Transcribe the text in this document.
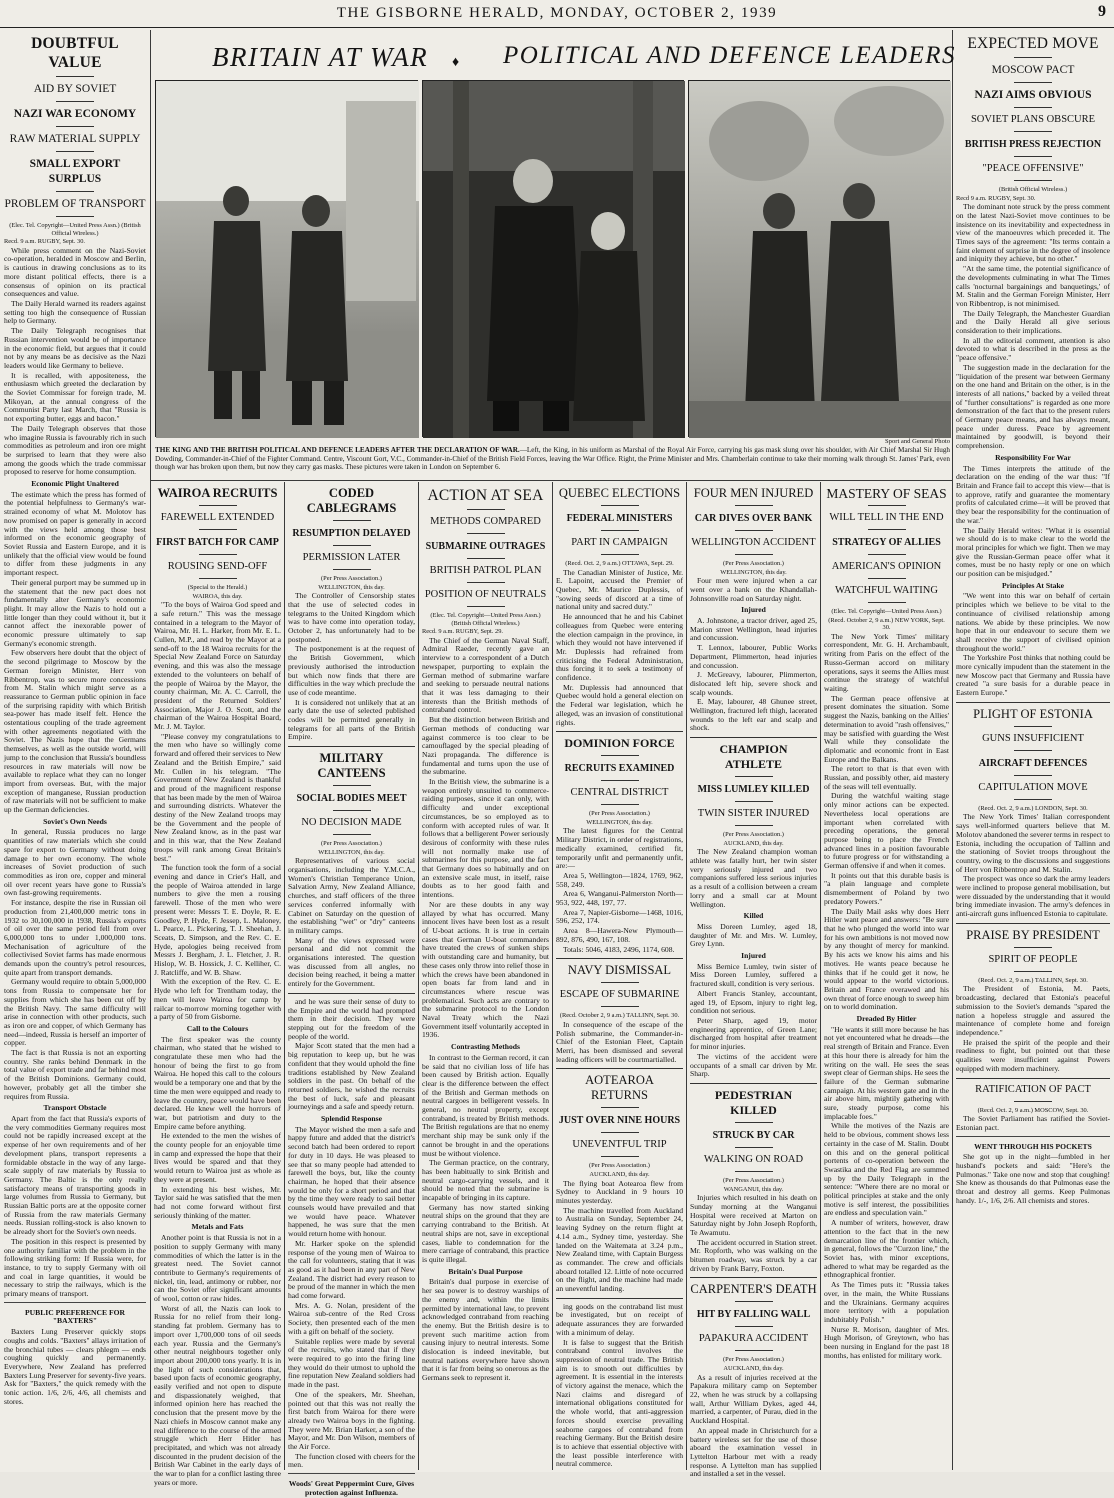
THE GISBORNE HERALD, MONDAY, OCTOBER 2, 1939	9
DOUBTFUL VALUE
AID BY SOVIET
NAZI WAR ECONOMY
RAW MATERIAL SUPPLY
SMALL EXPORT SURPLUS
PROBLEM OF TRANSPORT

(Elec. Tel. Copyright—United Press Assn.) (British Official Wireless.)

Recd. 9 a.m. RUGBY, Sept. 30.

While press comment on the Nazi-Soviet co-operation, heralded in Moscow and Berlin, is cautious in drawing conclusions as to its more distant political effects, there is a consensus of opinion on its practical consequences and value.

The Daily Herald warned its readers against setting too high the consequence of Russian help to Germany.

The Daily Telegraph recognises that Russian intervention would be of importance in the economic field, but argues that it could not by any means be as decisive as the Nazi leaders would like Germany to believe.

It is recalled, with appositeness, the enthusiasm which greeted the declaration by the Soviet Commissar for foreign trade, M. Mikoyan, at the annual congress of the Communist Party last March, that "Russia is not exporting butter, eggs and bacon."

The Daily Telegraph observes that those who imagine Russia is favourably rich in such commodities as petroleum and iron ore might be surprised to learn that they were also among the goods which the trade commissar proposed to reserve for home consumption.

Economic Plight Unaltered

The estimate which the press has formed of the potential helpfulness to Germany's war-strained economy of what M. Molotov has now promised on paper is generally in accord with the views held among those best informed on the economic geography of Soviet Russia and Eastern Europe, and it is unlikely that the official view would be found to differ from these judgments in any important respect.

Their general purport may be summed up in the statement that the new pact does not fundamentally alter Germany's economic plight. It may allow the Nazis to hold out a little longer than they could without it, but it cannot affect the inexorable power of economic pressure ultimately to sap Germany's economic strength.

Few observers here doubt that the object of the second pilgrimage to Moscow by the German foreign Minister, Herr von Ribbentrop, was to secure more concessions from M. Stalin which might serve as a reassurance to German public opinion in face of the surprising rapidity with which British sea-power has made itself felt. Hence the ostentatious coupling of the trade agreement with other agreements negotiated with the Soviet. The Nazis hope that the Germans themselves, as well as the outside world, will jump to the conclusion that Russia's boundless resources in raw materials will now be available to replace what they can no longer import from overseas. But, with the major exception of manganese, Russian production of raw materials will not be sufficient to make up the German deficiencies.

Soviet's Own Needs

In general, Russia produces no large quantities of raw materials which she could spare for export to Germany without doing damage to her own economy. The whole increases of Soviet production of such commodities as iron ore, copper and mineral oil over recent years have gone to Russia's own fast-growing requirements.

For instance, despite the rise in Russian oil production from 21,400,000 metric tons in 1932 to 30,100,000 in 1938, Russia's exports of oil over the same period fell from over 6,000,000 tons to under 1,000,000 tons. Mechanisation of agriculture of the collectivised Soviet farms has made enormous demands upon the country's petrol resources, quite apart from transport demands.

Germany would require to obtain 5,000,000 tons from Russia to compensate her for supplies from which she has been cut off by the British Navy. The same difficulty will arise in connection with other products, such as iron ore and copper, of which Germany has need—indeed, Russia is herself an importer of copper.

The fact is that Russia is not an exporting country. She ranks behind Denmark in the total value of export trade and far behind most of the British Dominions. Germany could, however, probably get all the timber she requires from Russia.

Transport Obstacle

Apart from the fact that Russia's exports of the very commodities Germany requires most could not be rapidly increased except at the expense of her own requirements and of her development plans, transport represents a formidable obstacle in the way of any large-scale supply of raw materials by Russia to Germany. The Baltic is the only really satisfactory means of transporting goods in large volumes from Russia to Germany, but Russian Baltic ports are at the opposite corner of Russia from the raw materials Germany needs. Russian rolling-stock is also known to be already short for the Soviet's own needs.

The position in this respect is presented by one authority familiar with the problem in the following striking form: If Russia were, for instance, to try to supply Germany with oil and coal in large quantities, it would be necessary to strip the railways, which is the primary means of transport.

PUBLIC PREFERENCE FOR "BAXTERS"

Baxters Lung Preserver quickly stops coughs and colds. "Baxters" allays irritation of the bronchial tubes — clears phlegm — ends coughing quickly and permanently. Everywhere, New Zealand has preferred Baxters Lung Preserver for seventy-five years. Ask for "Baxters," the quick remedy with the tonic action. 1/6, 2/6, 4/6, all chemists and stores.

BRITAIN AT WAR ♦ POLITICAL AND DEFENCE LEADERS
Sport and General Photo
THE KING AND THE BRITISH POLITICAL AND DEFENCE LEADERS AFTER THE DECLARATION OF WAR.—Left, the King, in his uniform as Marshal of the Royal Air Force, carrying his gas mask slung over his shoulder, with Air Chief Marshal Sir Hugh Dowding, Commander-in-Chief of the Fighter Command. Centre, Viscount Gort, V.C., Commander-in-Chief of the British Field Forces, leaving the War Office. Right, the Prime Minister and Mrs. Chamberlain continue to take their morning walk through St. James' Park, even though war has broken upon them, but now they carry gas masks. These pictures were taken in London on September 6.
WAIROA RECRUITS
FAREWELL EXTENDED
FIRST BATCH FOR CAMP
ROUSING SEND-OFF

(Special to the Herald.)

WAIROA, this day.

"To the boys of Wairoa God speed and a safe return." This was the message contained in a telegram to the Mayor of Wairoa, Mr. H. L. Harker, from Mr. E. L. Cullen, M.P., and read by the Mayor at a send-off to the 18 Wairoa recruits for the Special New Zealand Force on Saturday evening, and this was also the message extended to the volunteers on behalf of the people of Wairoa by the Mayor, the county chairman, Mr. A. C. Carroll, the president of the Returned Soldiers' Association, Major J. O. Scott, and the chairman of the Wairoa Hospital Board, Mr. J. M. Taylor.

"Please convey my congratulations to the men who have so willingly come forward and offered their services to New Zealand and the British Empire," said Mr. Cullen in his telegram. "The Government of New Zealand is thankful and proud of the magnificent response that has been made by the men of Wairoa and surrounding districts. Whatever the destiny of the New Zealand troops may be the Government and the people of New Zealand know, as in the past war and in this war, that the New Zealand troops will rank among Great Britain's best."

The function took the form of a social evening and dance in Crier's Hall, and the people of Wairoa attended in large numbers to give the men a rousing farewell. Those of the men who were present were: Messrs T. E. Doyle, R. E. Goodley, P. Hyde, F. Jessep, L. Maloney, L. Pearce, L. Pickering, T. J. Sheehan, J. Sceats, D. Simpson, and the Rev. C. E. Hyde, apologies being received from Messrs J. Bergham, J. L. Fletcher, J. R. Hislop, W. B. Hossick, J. C. Kelliher, C. J. Ratcliffe, and W. B. Shaw.

With the exception of the Rev. C. E. Hyde who left for Trentham today, the men will leave Wairoa for camp by railcar to-morrow morning together with a party of 50 from Gisborne.

Call to the Colours

The first speaker was the county chairman, who stated that he wished to congratulate these men who had the honour of being the first to go from Wairoa. He hoped this call to the colours would be a temporary one and that by the time the men were equipped and ready to leave the country, peace would have been declared. He knew well the horrors of war, but patriotism and duty to the Empire came before anything.

He extended to the men the wishes of the county people for an enjoyable time in camp and expressed the hope that their lives would be spared and that they would return to Wairoa just as whole as they were at present.

In extending his best wishes, Mr. Taylor said he was satisfied that the men had not come forward without first seriously thinking of the matter.

Metals and Fats

Another point is that Russia is not in a position to supply Germany with many commodities of which the latter is in the greatest need. The Soviet cannot contribute to Germany's requirements of nickel, tin, lead, antimony or rubber, nor can the Soviet offer significant amounts of wool, cotton or raw hides.

Worst of all, the Nazis can look to Russia for no relief from their long-standing fat problem. Germany has to import over 1,700,000 tons of oil seeds each year. Russia and the Germany's other neutral neighbours together only import about 200,000 tons yearly. It is in the light of such considerations that, based upon facts of economic geography, easily verified and not open to dispute and dispassionately weighed, that informed opinion here has reached the conclusion that the present move by the Nazi chiefs in Moscow cannot make any real difference to the course of the armed struggle which Herr Hitler has precipitated, and which was not already discounted in the prudent decision of the British War Cabinet in the early days of the war to plan for a conflict lasting three years or more.

CODED CABLEGRAMS
RESUMPTION DELAYED
PERMISSION LATER

(Per Press Association.)

WELLINGTON, this day.

The Controller of Censorship states that the use of selected codes in telegrams to the United Kingdom which was to have come into operation today, October 2, has unfortunately had to be postponed.

The postponement is at the request of the British Government, which previously authorised the introduction but which now finds that there are difficulties in the way which preclude the use of code meantime.

It is considered not unlikely that at an early date the use of selected published codes will be permitted generally in telegrams for all parts of the British Empire.

MILITARY CANTEENS
SOCIAL BODIES MEET
NO DECISION MADE

(Per Press Association.)

WELLINGTON, this day.

Representatives of various social organisations, including the Y.M.C.A., Women's Christian Temperance Union, Salvation Army, New Zealand Alliance, churches, and staff officers of the three services conferred informally with Cabinet on Saturday on the question of the establishing "wet" or "dry" canteens in military camps.

Many of the views expressed were personal and did not commit the organisations interested. The question was discussed from all angles, no decision being reached, it being a matter entirely for the Government.

and he was sure their sense of duty to the Empire and the world had prompted them in their decision. They were stepping out for the freedom of the people of the world.

Major Scott stated that the men had a big reputation to keep up, but he was confident that they would uphold the fine traditions established by New Zealand soldiers in the past. On behalf of the returned soldiers, he wished the recruits the best of luck, safe and pleasant journeyings and a safe and speedy return.

Splendid Response

The Mayor wished the men a safe and happy future and added that the district's second batch had been ordered to report for duty in 10 days. He was pleased to see that so many people had attended to farewell the boys, but, like the county chairman, he hoped that their absence would be only for a short period and that by the time they were ready to sail better counsels would have prevailed and that we would have peace. Whatever happened, he was sure that the men would return home with honour.

Mr. Harker spoke on the splendid response of the young men of Wairoa to the call for volunteers, stating that it was as good as it had been in any part of New Zealand. The district had every reason to be proud of the manner in which the men had come forward.

Mrs. A. G. Nolan, president of the Wairoa sub-centre of the Red Cross Society, then presented each of the men with a gift on behalf of the society.

Suitable replies were made by several of the recruits, who stated that if they were required to go into the firing line they would do their utmost to uphold the fine reputation New Zealand soldiers had made in the past.

One of the speakers, Mr. Sheehan, pointed out that this was not really the first batch from Wairoa for there were already two Wairoa boys in the fighting. They were Mr. Brian Harker, a son of the Mayor, and Mr. Don Wilson, members of the Air Force.

The function closed with cheers for the men.

Woods' Great Peppermint Cure, Gives protection against Influenza.

ACTION AT SEA
METHODS COMPARED
SUBMARINE OUTRAGES
BRITISH PATROL PLAN
POSITION OF NEUTRALS

(Elec. Tel. Copyright—United Press Assn.) (British Official Wireless.)

Recd. 9 a.m. RUGBY, Sept. 29.

The Chief of the German Naval Staff, Admiral Raeder, recently gave an interview to a correspondent of a Dutch newspaper, purporting to explain the German method of submarine warfare and seeking to persuade neutral nations that it was less damaging to their interests than the British methods of contraband control.

But the distinction between British and German methods of conducting war against commerce is too clear to be camouflaged by the special pleading of Nazi propaganda. The difference is fundamental and turns upon the use of the submarine.

In the British view, the submarine is a weapon entirely unsuited to commerce-raiding purposes, since it can only, with difficulty and under exceptional circumstances, be so employed as to conform with accepted rules of war. It follows that a belligerent Power seriously desirous of conformity with these rules will not normally make use of submarines for this purpose, and the fact that Germany does so habitually and on an extensive scale must, in itself, raise doubts as to her good faith and intentions.

Nor are these doubts in any way allayed by what has occurred. Many innocent lives have been lost as a result of U-boat actions. It is true in certain cases that German U-boat commanders have treated the crews of sunken ships with outstanding care and humanity, but these cases only throw into relief those in which the crews have been abandoned in open boats far from land and in circumstances where rescue was problematical. Such acts are contrary to the submarine protocol to the London Naval Treaty which the Nazi Government itself voluntarily accepted in 1936.

Contrasting Methods

In contrast to the German record, it can be said that no civilian loss of life has been caused by British action. Equally clear is the difference between the effect of the British and German methods on neutral cargoes in belligerent vessels. In general, no neutral property, except contraband, is treated by British methods. The British regulations are that no enemy merchant ship may be sunk only if the cannot be brought in and the operations must be without violence.

The German practice, on the contrary, has been habitually to sink British and neutral cargo-carrying vessels, and it should be noted that the submarine is incapable of bringing in its capture.

Germany has now started sinking neutral ships on the ground that they are carrying contraband to the British. At neutral ships are not, save in exceptional cases, liable to condemnation for the mere carriage of contraband, this practice is quite illegal.

Britain's Dual Purpose

Britain's dual purpose in exercise of her sea power is to destroy warships of the enemy and, within the limits permitted by international law, to prevent acknowledged contraband from reaching the enemy. But the British desire is to prevent such maritime action from causing injury to neutral interests. Some dislocation is indeed inevitable, but neutral nations everywhere have shown that it is far from being so onerous as the Germans seek to represent it.

QUEBEC ELECTIONS
FEDERAL MINISTERS
PART IN CAMPAIGN

(Recd. Oct. 2, 9 a.m.) OTTAWA, Sept. 29.

The Canadian Minister of Justice, Mr. E. Lapoint, accused the Premier of Quebec, Mr. Maurice Duplessis, of "sowing seeds of discord at a time of national unity and sacred duty."

He announced that he and his Cabinet colleagues from Quebec were entering the election campaign in the province, in which they would not have intervened if Mr. Duplessis had refrained from criticising the Federal Administration, thus forcing it to seek a testimony of confidence.

Mr. Duplessis had announced that Quebec would hold a general election on the Federal war legislation, which he alleged, was an invasion of constitutional rights.

DOMINION FORCE
RECRUITS EXAMINED
CENTRAL DISTRICT

(Per Press Association.)

WELLINGTON, this day.

The latest figures for the Central Military District, in order of registrations, medically examined, certified fit, temporarily unfit and permanently unfit, are:—

Area 5, Wellington—1824, 1769, 962, 558, 249.

Area 6, Wanganui-Palmerston North—953, 922, 448, 197, 77.

Area 7, Napier-Gisborne—1468, 1016, 596, 252, 174.

Area 8—Hawera-New Plymouth—892, 876, 490, 167, 108.

Totals: 5046, 4183, 2496, 1174, 608.

NAVY DISMISSAL
ESCAPE OF SUBMARINE

(Recd. October 2, 9 a.m.) TALLINN, Sept. 30.

In consequence of the escape of the Polish submarine, the Commander-in-Chief of the Estonian Fleet, Captain Merri, has been dismissed and several leading officers will be courtmartialled.

AOTEAROA RETURNS
JUST OVER NINE HOURS
UNEVENTFUL TRIP

(Per Press Association.)

AUCKLAND, this day.

The flying boat Aotearoa flew from Sydney to Auckland in 9 hours 10 minutes yesterday.

The machine travelled from Auckland to Australia on Sunday, September 24, leaving Sydney on the return flight at 4.14 a.m., Sydney time, yesterday. She landed on the Waitemata at 3.24 p.m., New Zealand time, with Captain Burgess as commander. The crew and officials aboard totalled 12. Little of note occurred on the flight, and the machine had made an uneventful landing.

ing goods on the contraband list must be investigated, but on receipt of adequate assurances they are forwarded with a minimum of delay.

It is false to suggest that the British contraband control involves the suppression of neutral trade. The British aim is to smooth out difficulties by agreement. It is essential in the interests of victory against the menace, which the Nazi claims and disregard of international obligations constituted for the whole world, that anti-aggression forces should exercise prevailing seaborne cargoes of contraband from reaching Germany. But the British desire is to achieve that essential objective with the least possible interference with neutral commerce.

FOUR MEN INJURED
CAR DIVES OVER BANK
WELLINGTON ACCIDENT

(Per Press Association.)

WELLINGTON, this day.

Four men were injured when a car went over a bank on the Khandallah-Johnsonville road on Saturday night.

Injured

A. Johnstone, a tractor driver, aged 25, Marion street Wellington, head injuries and concussion.

T. Lennox, labourer, Public Works Department, Plimmerton, head injuries and concussion.

J. McGreavy, labourer, Plimmerton, dislocated left hip, severe shock and scalp wounds.

E. May, labourer, 48 Ghunee street, Wellington, fractured left thigh, lacerated wounds to the left ear and scalp and shock.

CHAMPION ATHLETE
MISS LUMLEY KILLED
TWIN SISTER INJURED

(Per Press Association.)

AUCKLAND, this day.

The New Zealand champion woman athlete was fatally hurt, her twin sister very seriously injured and two companions suffered less serious injuries as a result of a collision between a cream lorry and a small car at Mount Wellington.

Killed

Miss Doreen Lumley, aged 18, daughter of Mr. and Mrs. W. Lumley, Grey Lynn.

Injured

Miss Bernice Lumley, twin sister of Miss Doreen Lumley, suffered a fractured skull, condition is very serious.

Albert Francis Stanley, accountant, aged 19, of Epsom, injury to right leg, condition not serious.

Peter Sharp, aged 19, motor engineering apprentice, of Green Lane; discharged from hospital after treatment for minor injuries.

The victims of the accident were occupants of a small car driven by Mr. Sharp.

PEDESTRIAN KILLED
STRUCK BY CAR
WALKING ON ROAD

(Per Press Association.)

WANGANUI, this day.

Injuries which resulted in his death on Sunday morning at the Wanganui Hospital were received at Marton on Saturday night by John Joseph Ropforth, Te Awamutu.

The accident occurred in Station street. Mr. Ropforth, who was walking on the bitumen roadway, was struck by a car driven by Frank Barry, Foxton.

CARPENTER'S DEATH
HIT BY FALLING WALL
PAPAKURA ACCIDENT

(Per Press Association.)

AUCKLAND, this day.

As a result of injuries received at the Papakura military camp on September 22, when he was struck by a collapsing wall, Arthur William Dykes, aged 44, married, a carpenter, of Purau, died in the Auckland Hospital.

An appeal made in Christchurch for a battery wireless set for the use of those aboard the examination vessel in Lyttelton Harbour met with a ready response. A Lyttelton man has supplied and installed a set in the vessel.

MASTERY OF SEAS
WILL TELL IN THE END
STRATEGY OF ALLIES
AMERICAN'S OPINION
WATCHFUL WAITING

(Elec. Tel. Copyright—United Press Assn.)

(Recd. October 2, 9 a.m.) NEW YORK, Sept. 30.

The New York Times' military correspondent, Mr. G. H. Archambault, writing from Paris on the effect of the Russo-German accord on military operations, says it seems the Allies must continue the strategy of watchful waiting.

The German peace offensive at present dominates the situation. Some suggest the Nazis, banking on the Allies' determination to avoid "rash offensives," may be satisfied with guarding the West Wall while they consolidate the diplomatic and economic front in East Europe and the Balkans.

The retort to that is that even with Russian, and possibly other, aid mastery of the seas will tell eventually.

During the watchful waiting stage only minor actions can be expected. Nevertheless local operations are important when correlated with preceding operations, the general purpose being to place the French advanced lines in a position favourable to future progress or for withstanding a German offensive if and when it comes.

It points out that this durable basis is "a plain language and complete dismemberment of Poland by two predatory Powers."

The Daily Mail asks why does Herr Hitler want peace and answers: "Be sure that he who plunged the world into war for his own ambitions is not moved now by any thought of mercy for mankind. By his acts we know his aims and his motives. He wants peace because he thinks that if he could get it now, he would appear to the world victorious. Britain and France overawed and his own threat of force enough to sweep him on to world domination.

Dreaded By Hitler

"He wants it still more because he has not yet encountered what he dreads—the real strength of Britain and France. Even at this hour there is already for him the writing on the wall. He sees the seas swept clear of German ships. He sees the failure of the German submarine campaign. At his western gate and in the air above him, mightily gathering with sure, steady purpose, come his implacable foes."

While the motives of the Nazis are held to be obvious, comment shows less certainty in the case of M. Stalin. Doubt on this and on the general political portents of co-operation between the Swastika and the Red Flag are summed up by the Daily Telegraph in the sentence: "Where there are no moral or political principles at stake and the only motive is self interest, the possibilities are endless and speculation vain."

A number of writers, however, draw attention to the fact that in the new demarcation line of the frontier which, in general, follows the "Curzon line," the Soviet has, with minor exceptions, adhered to what may be regarded as the ethnographical frontier.

As The Times puts it: "Russia takes over, in the main, the White Russians and the Ukrainians. Germany acquires more territory with a population indubitably Polish."

Nurse R. Morison, daughter of Mrs. Hugh Morison, of Greytown, who has been nursing in England for the past 18 months, has enlisted for military work.

EXPECTED MOVE
MOSCOW PACT
NAZI AIMS OBVIOUS
SOVIET PLANS OBSCURE
BRITISH PRESS REJECTION
"PEACE OFFENSIVE"

(British Official Wireless.)

Recd 9 a.m. RUGBY, Sept. 30.

The dominant note struck by the press comment on the latest Nazi-Soviet move continues to be insistence on its inevitability and expectedness in view of the manoeuvres which preceded it. The Times says of the agreement: "Its terms contain a faint element of surprise in the degree of insolence and iniquity they achieve, but no other."

"At the same time, the potential significance of the developments culminating in what The Times calls 'nocturnal bargainings and banquetings,' of M. Stalin and the German Foreign Minister, Herr von Ribbentrop, is not minimised.

The Daily Telegraph, the Manchester Guardian and the Daily Herald all give serious consideration to their implications.

In all the editorial comment, attention is also devoted to what is described in the press as the "peace offensive."

The suggestion made in the declaration for the "liquidation of the present war between Germany on the one hand and Britain on the other, is in the interests of all nations," backed by a veiled threat of "further consultations" is regarded as one more demonstration of the fact that to the present rulers of Germany peace means, and has always meant, peace under duress. Peace by agreement maintained by goodwill, is beyond their comprehension.

Responsibility For War

The Times interprets the attitude of the declaration on the ending of the war thus: "If Britain and France fail to accept this view—that is to approve, ratify and guarantee the momentary profits of calculated crime—it will be proved that they bear the responsibility for the continuation of the war."

The Daily Herald writes: "What it is essential we should do is to make clear to the world the moral principles for which we fight. Then we may give the Russian-German peace offer what it comes, must be no hasty reply or one on which our position can be misjudged."

Principles At Stake

"We went into this war on behalf of certain principles which we believe to be vital to the continuance of civilised relationship among nations. We abide by these principles. We now hope that in our endeavour to secure them we shall receive the support of civilised opinion throughout the world."

The Yorkshire Post thinks that nothing could be more cynically impudent than the statement in the new Moscow pact that Germany and Russia have created "a sure basis for a durable peace in Eastern Europe."

PLIGHT OF ESTONIA
GUNS INSUFFICIENT
AIRCRAFT DEFENCES
CAPITULATION MOVE

(Recd. Oct. 2, 9 a.m.) LONDON, Sept. 30.

The New York Times' Italian correspondent says well-informed quarters believe that M. Molotov abandoned the severer terms in respect to Estonia, including the occupation of Tallinn and the stationing of Soviet troops throughout the country, owing to the discussions and suggestions of Herr von Ribbentrop and M. Stalin.

The prospect was once so dark the army leaders were inclined to propose general mobilisation, but were dissuaded by the understanding that it would bring immediate invasion. The army's defences in anti-aircraft guns influenced Estonia to capitulate.

PRAISE BY PRESIDENT
SPIRIT OF PEOPLE

(Recd. Oct. 2, 9 a.m.) TALLINN, Sept. 30.

The President of Estonia, M. Paets, broadcasting, declared that Estonia's peaceful submission to the Soviet's demands "spared the nation a hopeless struggle and assured the maintenance of complete home and foreign independence."

He praised the spirit of the people and their readiness to fight, but pointed out that these qualities were insufficient against Powers equipped with modern machinery.

RATIFICATION OF PACT

(Recd. Oct. 2, 9 a.m.) MOSCOW, Sept. 30.

The Soviet Parliament has ratified the Soviet-Estonian pact.

WENT THROUGH HIS POCKETS

She got up in the night—fumbled in her husband's pockets and said: "Here's the Pulmonas." Take one now and stop that coughing! She knew as thousands do that Pulmonas ease the throat and destroy all germs. Keep Pulmonas handy. 1/-, 1/6, 2/6. All chemists and stores.
